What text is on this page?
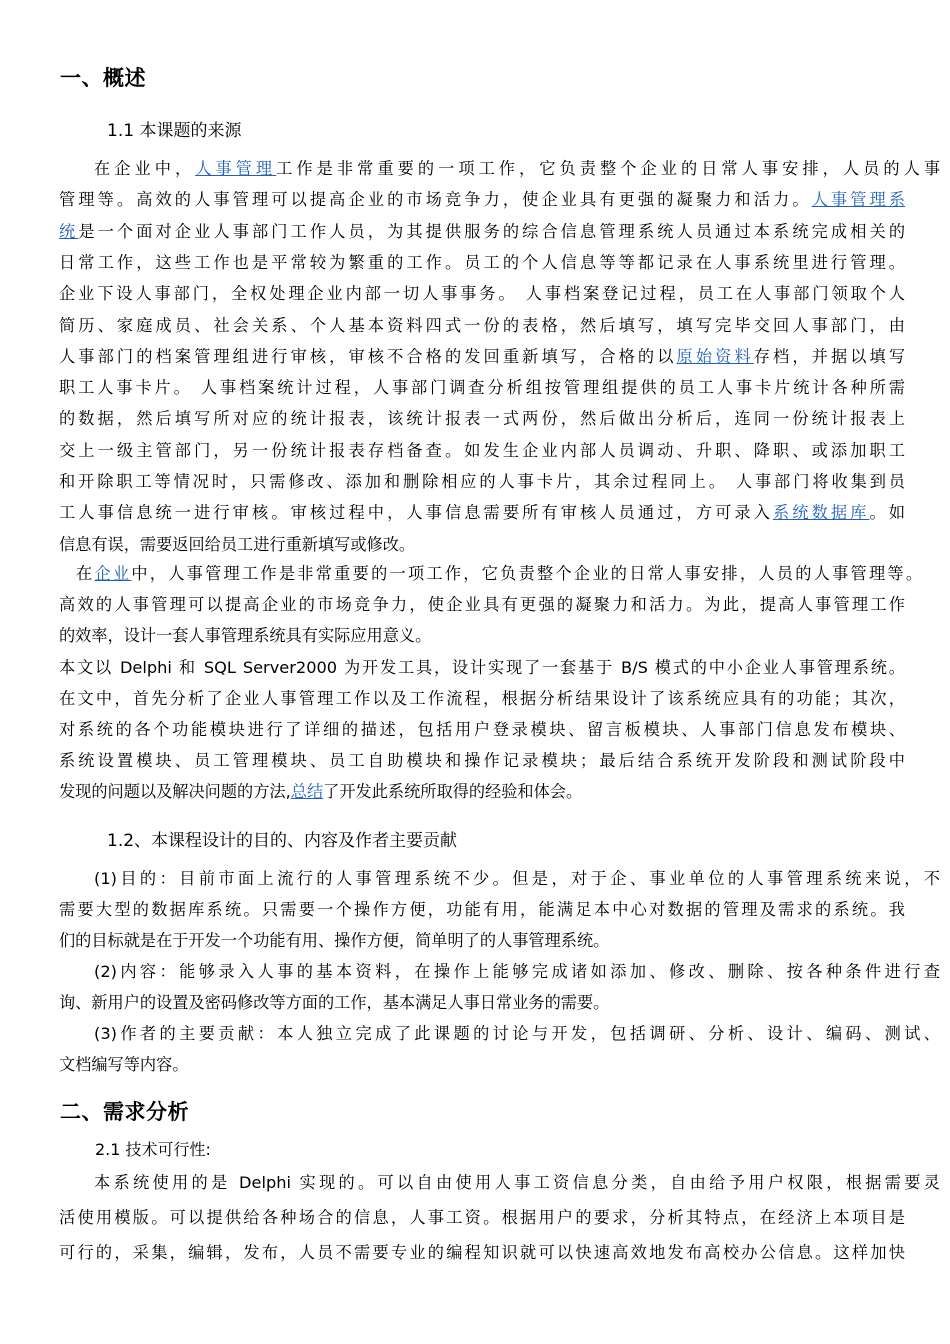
一、概述
1.1 本课题的来源
在企业中，人事管理工作是非常重要的一项工作，它负责整个企业的日常人事安排，人员的人事
管理等。高效的人事管理可以提高企业的市场竞争力，使企业具有更强的凝聚力和活力。人事管理系
统是一个面对企业人事部门工作人员，为其提供服务的综合信息管理系统人员通过本系统完成相关的
日常工作，这些工作也是平常较为繁重的工作。员工的个人信息等等都记录在人事系统里进行管理。
企业下设人事部门，全权处理企业内部一切人事事务。 人事档案登记过程，员工在人事部门领取个人
简历、家庭成员、社会关系、个人基本资料四式一份的表格，然后填写，填写完毕交回人事部门，由
人事部门的档案管理组进行审核，审核不合格的发回重新填写，合格的以原始资料存档，并据以填写
职工人事卡片。 人事档案统计过程，人事部门调查分析组按管理组提供的员工人事卡片统计各种所需
的数据，然后填写所对应的统计报表，该统计报表一式两份，然后做出分析后，连同一份统计报表上
交上一级主管部门，另一份统计报表存档备查。如发生企业内部人员调动、升职、降职、或添加职工
和开除职工等情况时，只需修改、添加和删除相应的人事卡片，其余过程同上。 人事部门将收集到员
工人事信息统一进行审核。审核过程中，人事信息需要所有审核人员通过，方可录入系统数据库。如
信息有误，需要返回给员工进行重新填写或修改。
在企业中，人事管理工作是非常重要的一项工作，它负责整个企业的日常人事安排，人员的人事管理等。
高效的人事管理可以提高企业的市场竞争力，使企业具有更强的凝聚力和活力。为此，提高人事管理工作
的效率，设计一套人事管理系统具有实际应用意义。
本文以 Delphi 和 SQL Server2000 为开发工具，设计实现了一套基于 B/S 模式的中小企业人事管理系统。
在文中，首先分析了企业人事管理工作以及工作流程，根据分析结果设计了该系统应具有的功能；其次，
对系统的各个功能模块进行了详细的描述，包括用户登录模块、留言板模块、人事部门信息发布模块、
系统设置模块、员工管理模块、员工自助模块和操作记录模块；最后结合系统开发阶段和测试阶段中
发现的问题以及解决问题的方法,总结了开发此系统所取得的经验和体会。
1.2、本课程设计的目的、内容及作者主要贡献
(1)目的：目前市面上流行的人事管理系统不少。但是，对于企、事业单位的人事管理系统来说，不
需要大型的数据库系统。只需要一个操作方便，功能有用，能满足本中心对数据的管理及需求的系统。我
们的目标就是在于开发一个功能有用、操作方便，简单明了的人事管理系统。
(2)内容：能够录入人事的基本资料，在操作上能够完成诸如添加、修改、删除、按各种条件进行查
询、新用户的设置及密码修改等方面的工作，基本满足人事日常业务的需要。
(3)作者的主要贡献：本人独立完成了此课题的讨论与开发，包括调研、分析、设计、编码、测试、
文档编写等内容。
二、需求分析
2.1 技术可行性:
本系统使用的是 Delphi 实现的。可以自由使用人事工资信息分类，自由给予用户权限，根据需要灵
活使用模版。可以提供给各种场合的信息，人事工资。根据用户的要求，分析其特点，在经济上本项目是
可行的，采集，编辑，发布，人员不需要专业的编程知识就可以快速高效地发布高校办公信息。这样加快
